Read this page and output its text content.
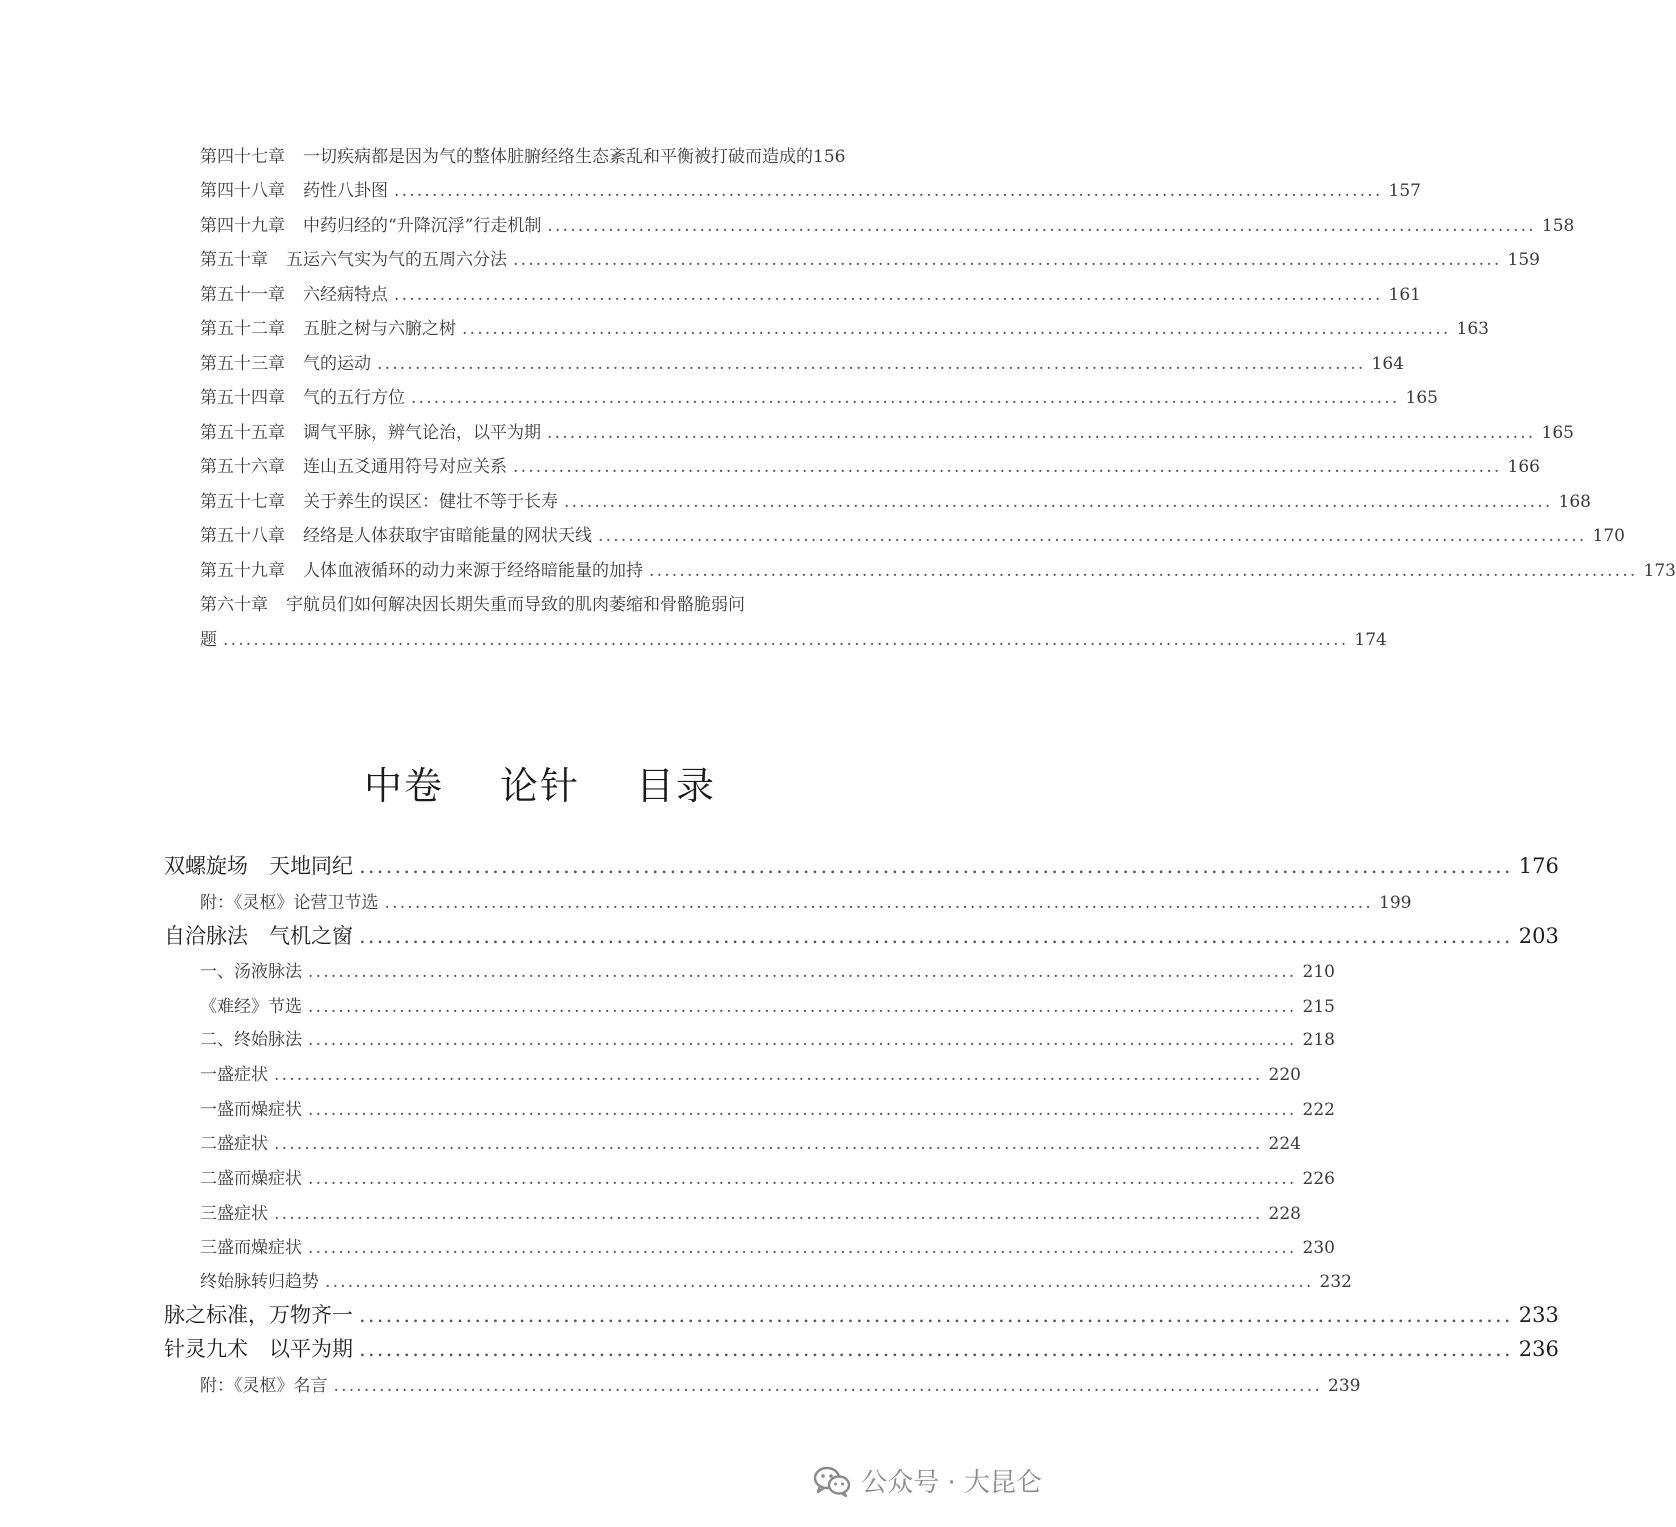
第四十七章 一切疾病都是因为气的整体脏腑经络生态紊乱和平衡被打破而造成的156
第四十八章 药性八卦图 .................................................................................................................................. 157
第四十九章 中药归经的“升降沉浮”行走机制 .................................................................................................................................. 158
第五十章 五运六气实为气的五周六分法 .................................................................................................................................. 159
第五十一章 六经病特点 .................................................................................................................................. 161
第五十二章 五脏之树与六腑之树 .................................................................................................................................. 163
第五十三章 气的运动 .................................................................................................................................. 164
第五十四章 气的五行方位 .................................................................................................................................. 165
第五十五章 调气平脉，辨气论治，以平为期 .................................................................................................................................. 165
第五十六章 连山五爻通用符号对应关系 .................................................................................................................................. 166
第五十七章 关于养生的误区：健壮不等于长寿 .................................................................................................................................. 168
第五十八章 经络是人体获取宇宙暗能量的网状天线 .................................................................................................................................. 170
第五十九章 人体血液循环的动力来源于经络暗能量的加持 .................................................................................................................................. 173
第六十章 宇航员们如何解决因长期失重而导致的肌肉萎缩和骨骼脆弱问
题 .................................................................................................................................................... 174
中卷 论针 目录
双螺旋场　天地同纪 .................................................................................................................................. 176
附：《灵枢》论营卫节选 .................................................................................................................................. 199
自洽脉法　气机之窗 .................................................................................................................................. 203
一、汤液脉法 .................................................................................................................................. 210
《难经》节选 .................................................................................................................................. 215
二、终始脉法 .................................................................................................................................. 218
一盛症状 .................................................................................................................................. 220
一盛而燥症状 .................................................................................................................................. 222
二盛症状 .................................................................................................................................. 224
二盛而燥症状 .................................................................................................................................. 226
三盛症状 .................................................................................................................................. 228
三盛而燥症状 .................................................................................................................................. 230
终始脉转归趋势 .................................................................................................................................. 232
脉之标准，万物齐一 .................................................................................................................................. 233
针灵九术　以平为期 .................................................................................................................................. 236
附：《灵枢》名言 .................................................................................................................................. 239
公众号 · 大昆仑
